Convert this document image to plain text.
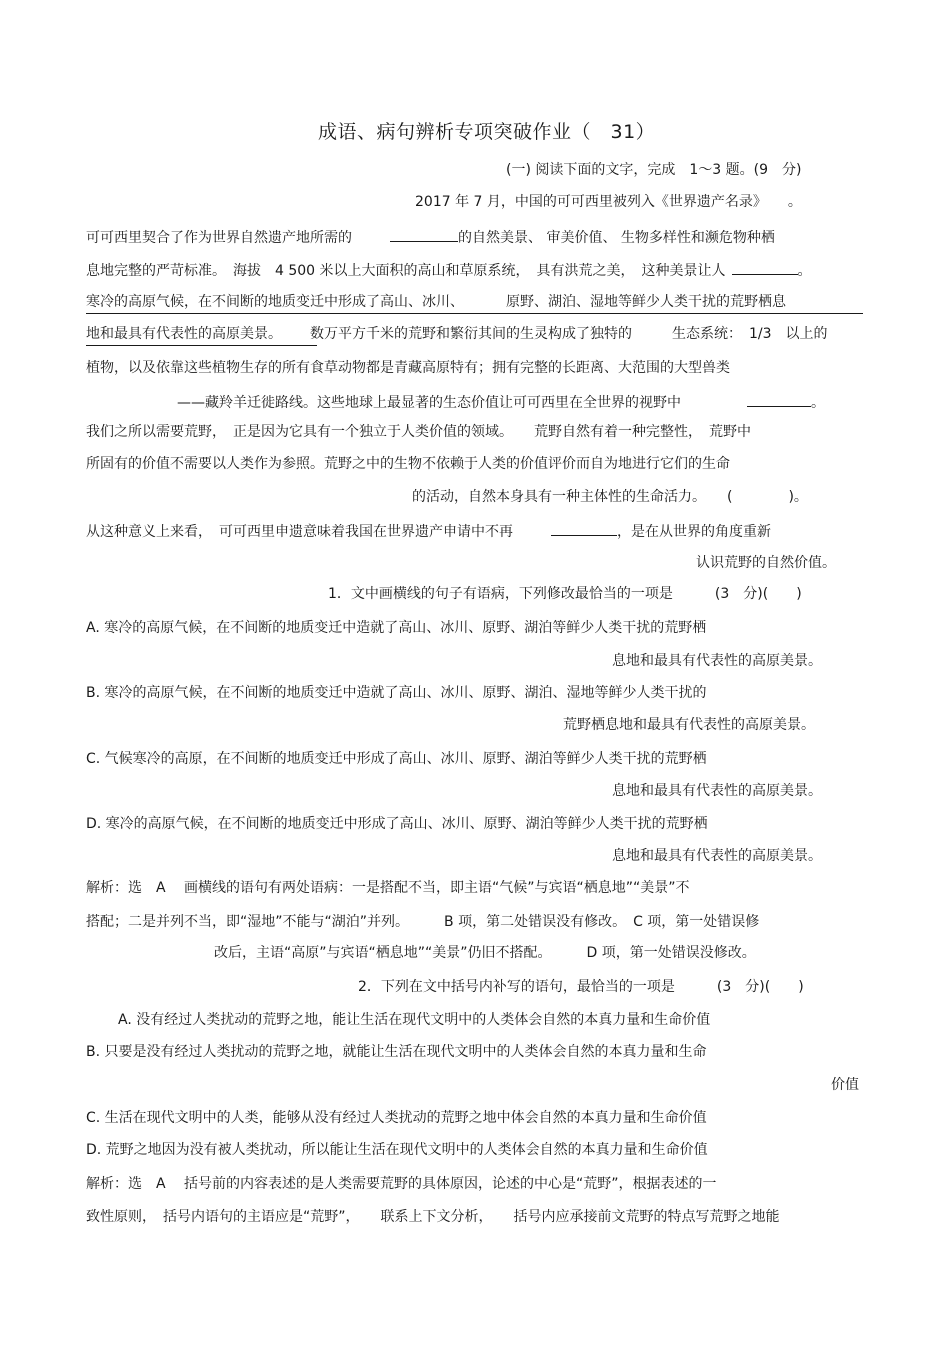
成语、病句辨析专项突破作业（　31）
(一) 阅读下面的文字，完成　1～3 题。(9　分)
2017 年 7 月，中国的可可西里被列入《世界遗产名录》　　。
可可西里契合了作为世界自然遗产地所需的	的自然美景、 审美价值、 生物多样性和濒危物种栖
息地完整的严苛标准。　海拔　4 500 米以上大面积的高山和草原系统，　具有洪荒之美，　这种美景让人	。
寒冷的高原气候，在不间断的地质变迁中形成了高山、冰川、	原野、湖泊、湿地等鲜少人类干扰的荒野栖息
地和最具有代表性的高原美景。 数万平方千米的荒野和繁衍其间的生灵构成了独特的	生态系统：　1/3　以上的
植物，以及依靠这些植物生存的所有食草动物都是青藏高原特有；拥有完整的长距离、大范围的大型兽类
——藏羚羊迁徙路线。这些地球上最显著的生态价值让可可西里在全世界的视野中	。
我们之所以需要荒野，　正是因为它具有一个独立于人类价值的领域。　　荒野自然有着一种完整性，　荒野中
所固有的价值不需要以人类作为参照。荒野之中的生物不依赖于人类的价值评价而自为地进行它们的生命
的活动，自然本身具有一种主体性的生命活力。　　(　　　　)。
从这种意义上来看，　可可西里申遗意味着我国在世界遗产申请中不再	，是在从世界的角度重新
认识荒野的自然价值。
1．文中画横线的句子有语病，下列修改最恰当的一项是　　　(3　分)(　　)
A. 寒冷的高原气候，在不间断的地质变迁中造就了高山、冰川、原野、湖泊等鲜少人类干扰的荒野栖
息地和最具有代表性的高原美景。
B. 寒冷的高原气候，在不间断的地质变迁中造就了高山、冰川、原野、湖泊、湿地等鲜少人类干扰的
荒野栖息地和最具有代表性的高原美景。
C. 气候寒冷的高原，在不间断的地质变迁中形成了高山、冰川、原野、湖泊等鲜少人类干扰的荒野栖
息地和最具有代表性的高原美景。
D. 寒冷的高原气候，在不间断的地质变迁中形成了高山、冰川、原野、湖泊等鲜少人类干扰的荒野栖
息地和最具有代表性的高原美景。
解析：选　A　 画横线的语句有两处语病：一是搭配不当，即主语“气候”与宾语“栖息地”“美景”不
搭配；二是并列不当，即“湿地”不能与“湖泊”并列。　　　B 项，第二处错误没有修改。　C 项，第一处错误修
改后，主语“高原”与宾语“栖息地”“美景”仍旧不搭配。　　　D 项，第一处错误没修改。
2．下列在文中括号内补写的语句，最恰当的一项是　　　(3　分)(　　)
A. 没有经过人类扰动的荒野之地，能让生活在现代文明中的人类体会自然的本真力量和生命价值
B. 只要是没有经过人类扰动的荒野之地，就能让生活在现代文明中的人类体会自然的本真力量和生命
价值
C. 生活在现代文明中的人类，能够从没有经过人类扰动的荒野之地中体会自然的本真力量和生命价值
D. 荒野之地因为没有被人类扰动，所以能让生活在现代文明中的人类体会自然的本真力量和生命价值
解析：选　A　 括号前的内容表述的是人类需要荒野的具体原因，论述的中心是“荒野”，根据表述的一
致性原则，　括号内语句的主语应是“荒野”，　　联系上下文分析，　　括号内应承接前文荒野的特点写荒野之地能
